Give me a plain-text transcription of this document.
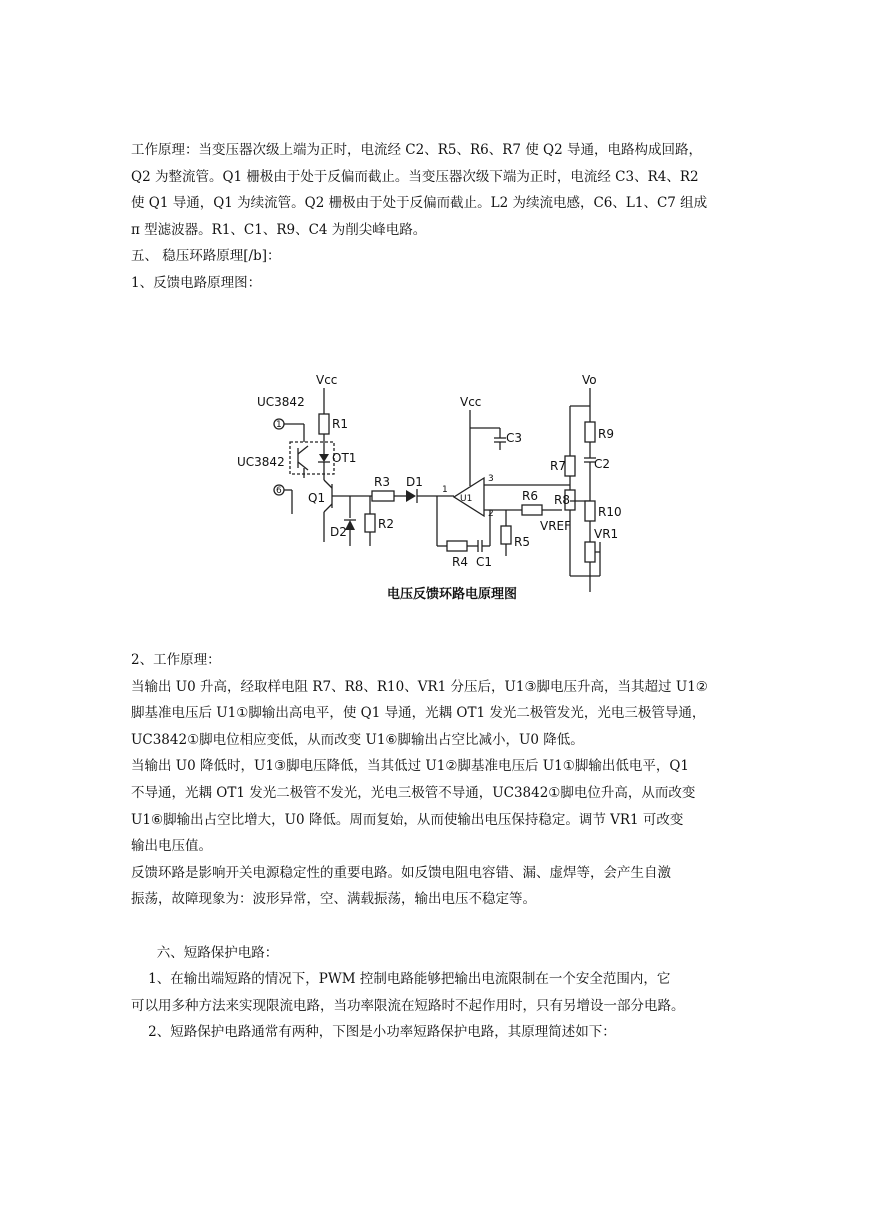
工作原理：当变压器次级上端为正时，电流经 C2、R5、R6、R7 使 Q2 导通，电路构成回路，

Q2 为整流管。Q1 栅极由于处于反偏而截止。当变压器次级下端为正时，电流经 C3、R4、R2

使 Q1 导通，Q1 为续流管。Q2 栅极由于处于反偏而截止。L2 为续流电感，C6、L1、C7 组成

π 型滤波器。R1、C1、R9、C4 为削尖峰电路。

五、 稳压环路原理[/b]：

1、反馈电路原理图：

Vcc
R1
UC3842
1
UC3842	OT1
6 Q1
D2
R3
R2
D1
1
U1
Vcc
C3
3
2
R4 C1
R5
R6
VREF
Vo
R9
C2
R7
R8
R10
VR1
电压反馈环路电原理图

2、工作原理：

当输出 U0 升高，经取样电阻 R7、R8、R10、VR1 分压后，U1③脚电压升高，当其超过 U1②

脚基准电压后 U1①脚输出高电平，使 Q1 导通，光耦 OT1 发光二极管发光，光电三极管导通，

UC3842①脚电位相应变低，从而改变 U1⑥脚输出占空比减小，U0 降低。

当输出 U0 降低时，U1③脚电压降低，当其低过 U1②脚基准电压后 U1①脚输出低电平，Q1

不导通，光耦 OT1 发光二极管不发光，光电三极管不导通，UC3842①脚电位升高，从而改变

U1⑥脚输出占空比增大，U0 降低。周而复始，从而使输出电压保持稳定。调节 VR1 可改变

输出电压值。

反馈环路是影响开关电源稳定性的重要电路。如反馈电阻电容错、漏、虚焊等，会产生自激

振荡，故障现象为：波形异常，空、满载振荡，输出电压不稳定等。

六、短路保护电路：

1、在输出端短路的情况下，PWM 控制电路能够把输出电流限制在一个安全范围内，它

可以用多种方法来实现限流电路，当功率限流在短路时不起作用时，只有另增设一部分电路。

2、短路保护电路通常有两种，下图是小功率短路保护电路，其原理简述如下：
